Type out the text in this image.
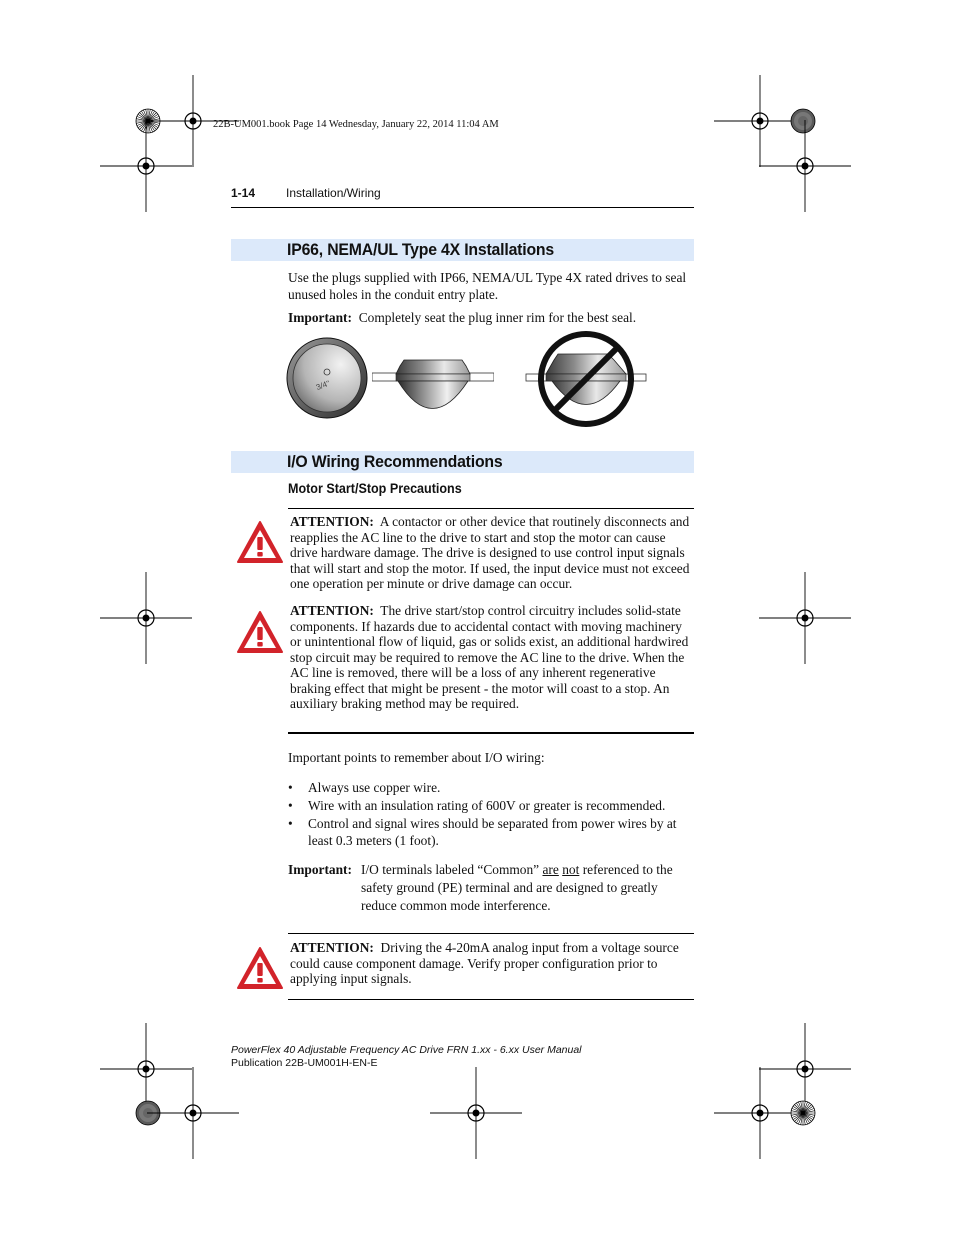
22B-UM001.book Page 14 Wednesday, January 22, 2014 11:04 AM
1-14	Installation/Wiring
IP66, NEMA/UL Type 4X Installations
Use the plugs supplied with IP66, NEMA/UL Type 4X rated drives to seal unused holes in the conduit entry plate.
Important: Completely seat the plug inner rim for the best seal.
3/4"
I/O Wiring Recommendations
Motor Start/Stop Precautions
ATTENTION: A contactor or other device that routinely disconnects and reapplies the AC line to the drive to start and stop the motor can cause drive hardware damage. The drive is designed to use control input signals that will start and stop the motor. If used, the input device must not exceed one operation per minute or drive damage can occur.
ATTENTION: The drive start/stop control circuitry includes solid-state components. If hazards due to accidental contact with moving machinery or unintentional flow of liquid, gas or solids exist, an additional hardwired stop circuit may be required to remove the AC line to the drive. When the AC line is removed, there will be a loss of any inherent regenerative braking effect that might be present - the motor will coast to a stop. An auxiliary braking method may be required.
Important points to remember about I/O wiring:
• Always use copper wire.
• Wire with an insulation rating of 600V or greater is recommended.
• Control and signal wires should be separated from power wires by at least 0.3 meters (1 foot).
Important: I/O terminals labeled “Common” are not referenced to the safety ground (PE) terminal and are designed to greatly reduce common mode interference.
ATTENTION: Driving the 4-20mA analog input from a voltage source could cause component damage. Verify proper configuration prior to applying input signals.
PowerFlex 40 Adjustable Frequency AC Drive FRN 1.xx - 6.xx User Manual
Publication 22B-UM001H-EN-E
